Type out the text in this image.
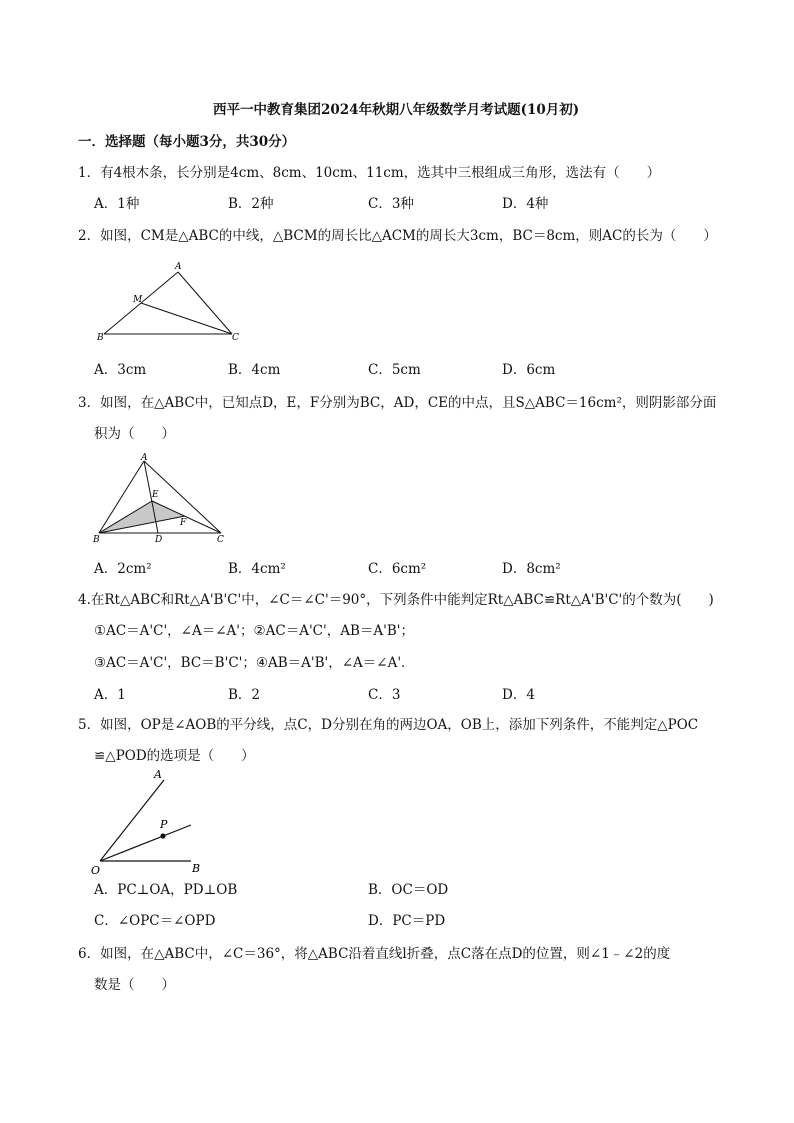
西平一中教育集团2024年秋期八年级数学月考试题(10月初)
一．选择题（每小题3分，共30分）
1．有4根木条，长分别是4cm、8cm、10cm、11cm，选其中三根组成三角形，选法有（　　）
A．1种	B．2种	C．3种	D．4种
2．如图，CM是△ABC的中线，△BCM的周长比△ACM的周长大3cm，BC＝8cm，则AC的长为（　　）
A
M
B	C
A．3cm	B．4cm	C．5cm	D．6cm
3．如图，在△ABC中，已知点D，E，F分别为BC，AD，CE的中点，且S△ABC＝16cm²，则阴影部分面
积为（　　）
A
E
F
B	D	C
A．2cm²	B．4cm²	C．6cm²	D．8cm²
4.在Rt△ABC和Rt△A'B'C'中，∠C＝∠C'＝90°，下列条件中能判定Rt△ABC≌Rt△A'B'C'的个数为(　　)
①AC＝A'C'，∠A＝∠A'；②AC＝A'C'，AB＝A'B'；
③AC＝A'C'，BC＝B'C'；④AB＝A'B'，∠A＝∠A'．
A．1	B．2	C．3	D．4
5．如图，OP是∠AOB的平分线，点C，D分别在角的两边OA，OB上，添加下列条件，不能判定△POC
≌△POD的选项是（　　）
A
P
O	B
A．PC⊥OA，PD⊥OB	B．OC＝OD
C．∠OPC＝∠OPD	D．PC＝PD
6．如图，在△ABC中，∠C＝36°，将△ABC沿着直线l折叠，点C落在点D的位置，则∠1﹣∠2的度
数是（　　）
